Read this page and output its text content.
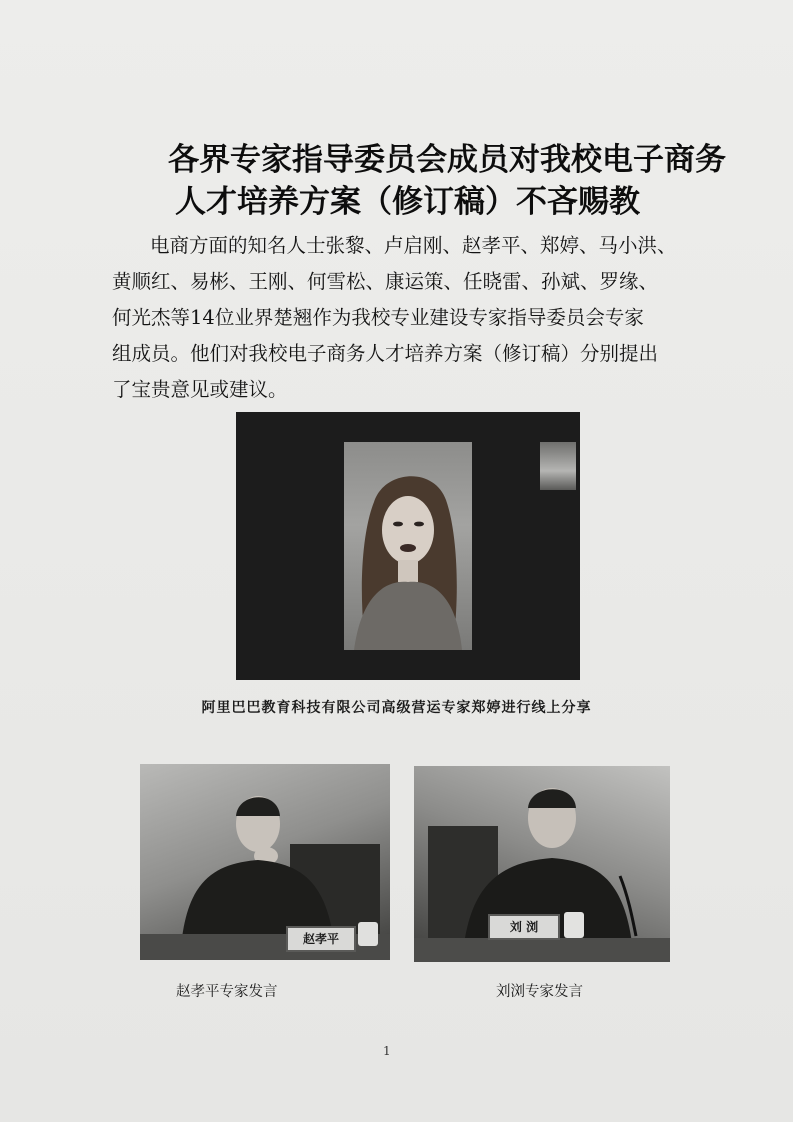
各界专家指导委员会成员对我校电子商务
人才培养方案（修订稿）不吝赐教
电商方面的知名人士张黎、卢启刚、赵孝平、郑婷、马小洪、
黄顺红、易彬、王刚、何雪松、康运策、任晓雷、孙斌、罗缘、
何光杰等14位业界楚翘作为我校专业建设专家指导委员会专家
组成员。他们对我校电子商务人才培养方案（修订稿）分别提出
了宝贵意见或建议。
阿里巴巴教育科技有限公司高级营运专家郑婷进行线上分享
赵孝平
刘 浏
赵孝平专家发言	刘浏专家发言
1
